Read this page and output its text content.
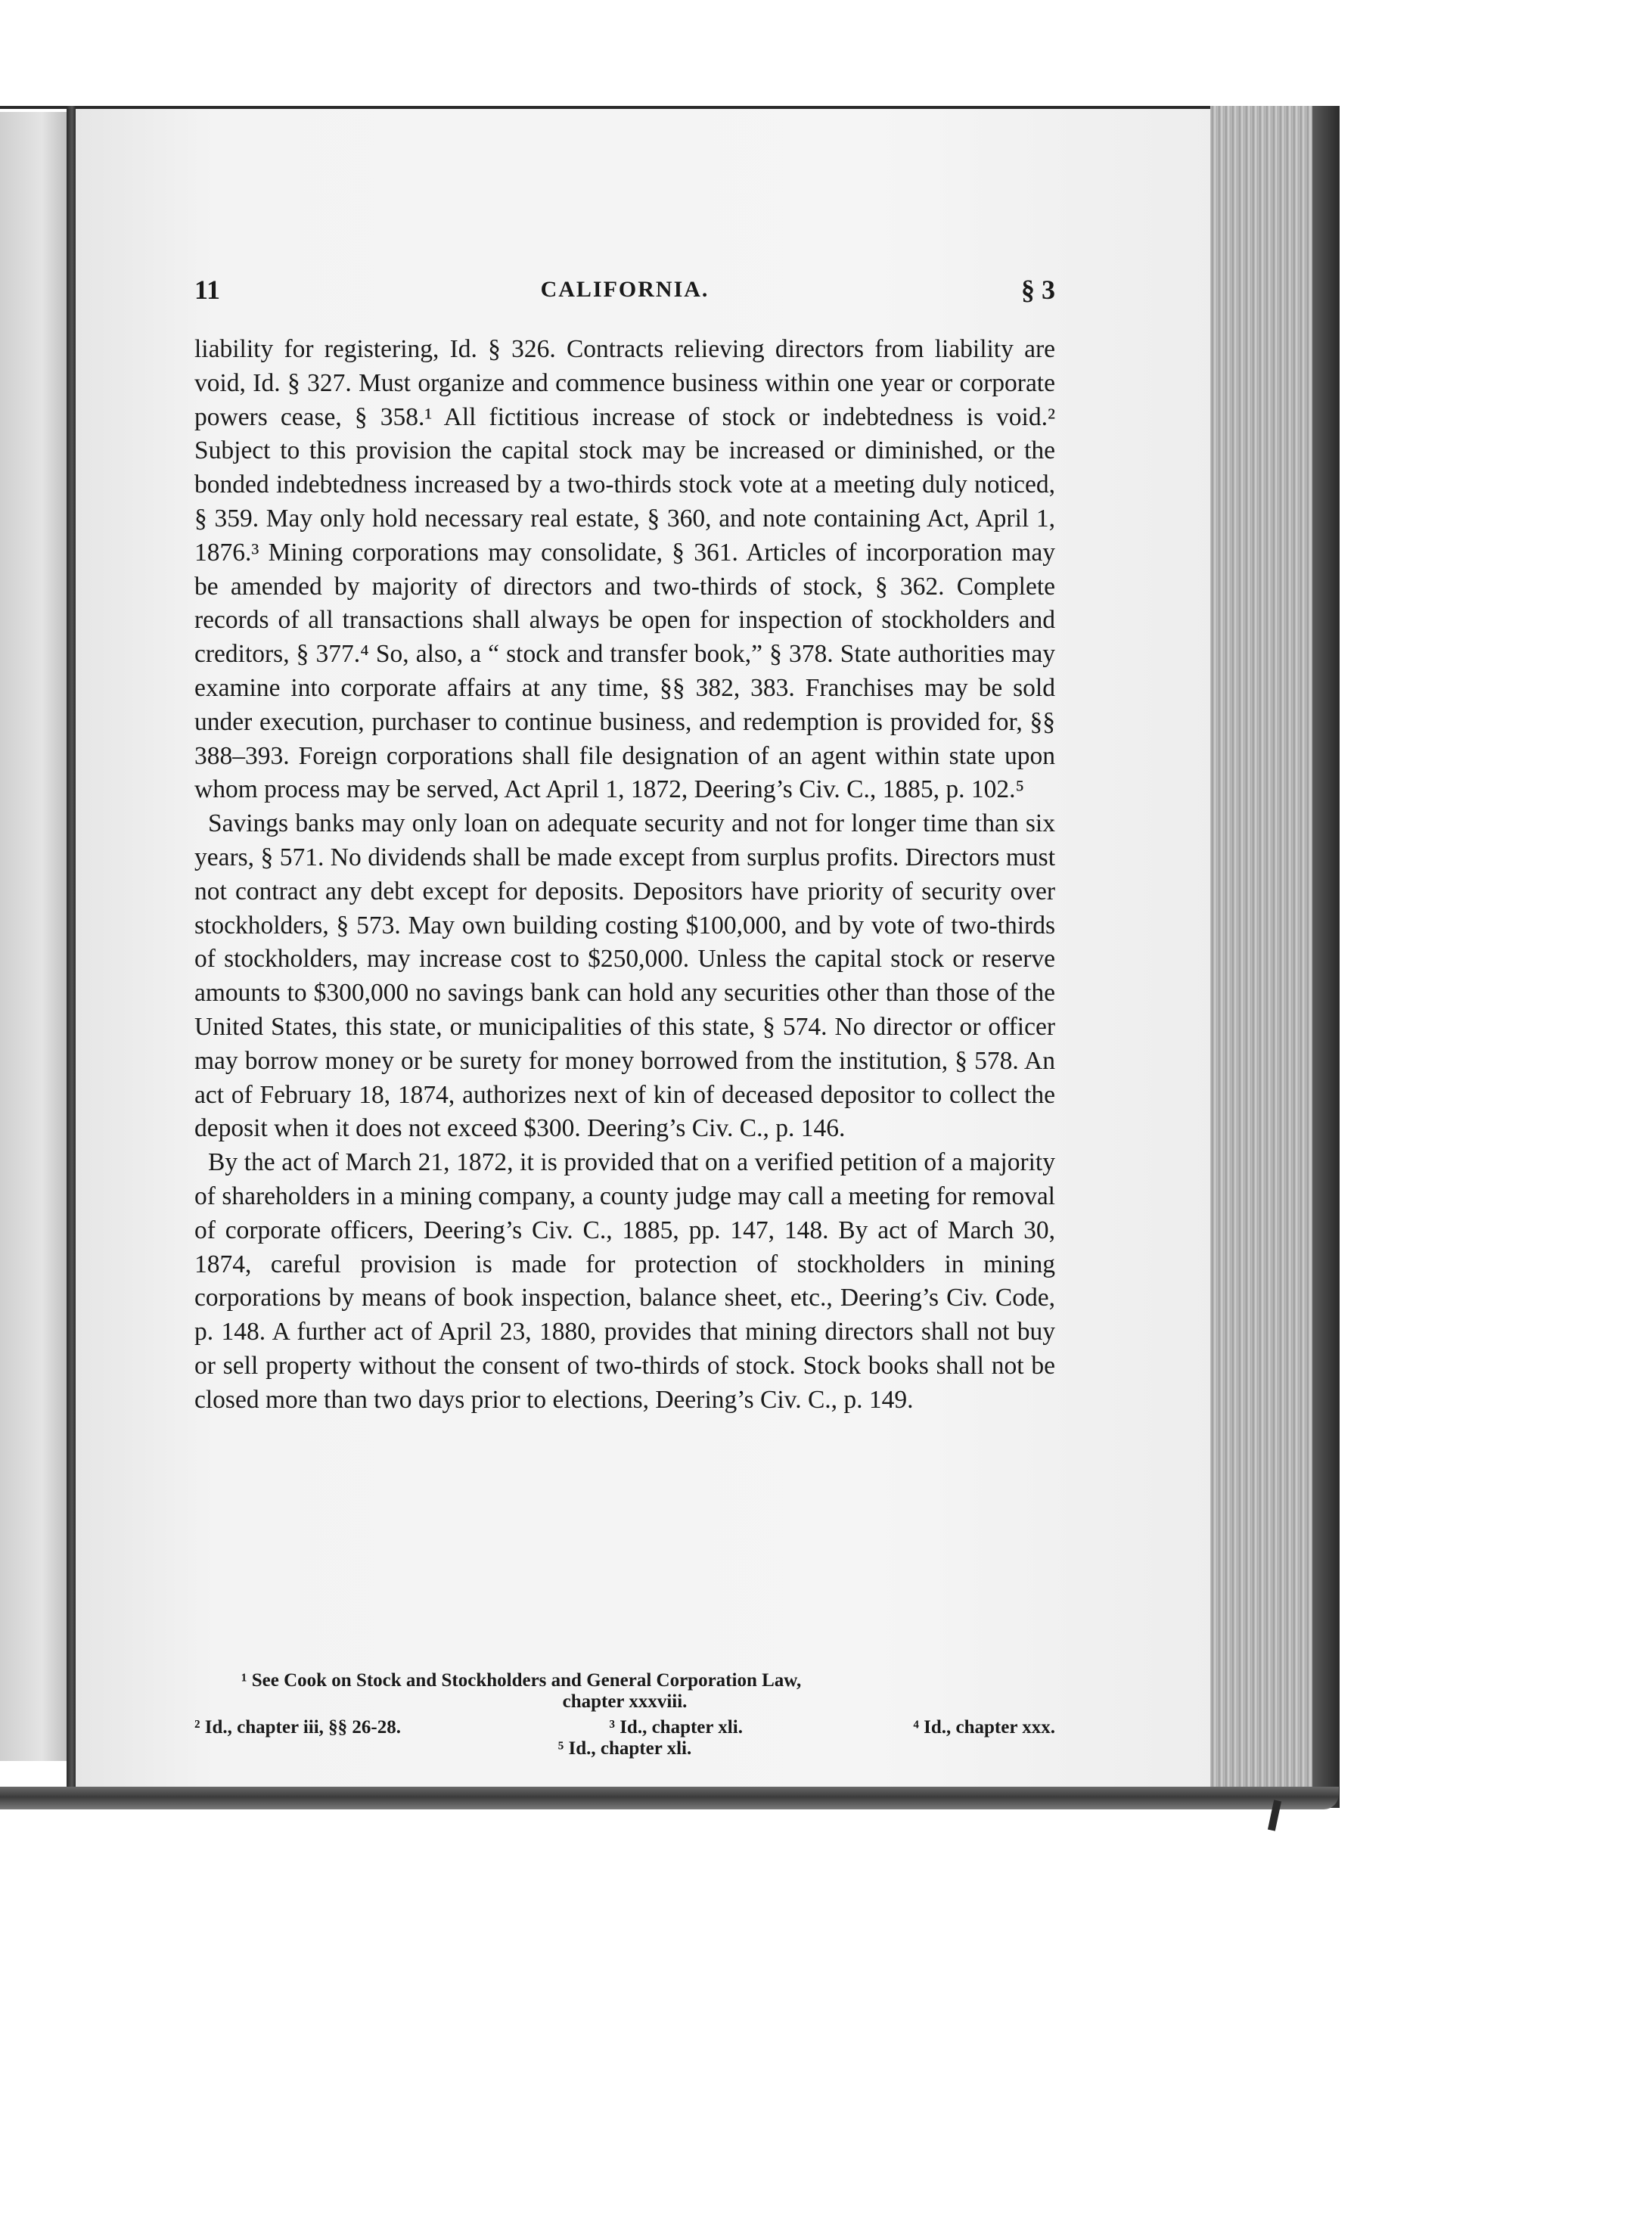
11	CALIFORNIA.	§ 3

liability for registering, Id. § 326. Contracts relieving directors from liability are void, Id. § 327. Must organize and commence business within one year or corporate powers cease, § 358.¹ All fictitious increase of stock or indebtedness is void.² Subject to this provision the capital stock may be increased or diminished, or the bonded indebtedness increased by a two-thirds stock vote at a meeting duly noticed, § 359. May only hold necessary real estate, § 360, and note containing Act, April 1, 1876.³ Mining corporations may consolidate, § 361. Articles of incorporation may be amended by majority of directors and two-thirds of stock, § 362. Complete records of all transactions shall always be open for inspection of stockholders and creditors, § 377.⁴ So, also, a “ stock and transfer book,” § 378. State authorities may examine into corporate affairs at any time, §§ 382, 383. Franchises may be sold under execution, purchaser to continue business, and redemption is provided for, §§ 388–393. Foreign corporations shall file designation of an agent within state upon whom process may be served, Act April 1, 1872, Deering’s Civ. C., 1885, p. 102.⁵

Savings banks may only loan on adequate security and not for longer time than six years, § 571. No dividends shall be made except from surplus profits. Directors must not contract any debt except for deposits. Depositors have priority of security over stockholders, § 573. May own building costing $100,000, and by vote of two-thirds of stockholders, may increase cost to $250,000. Unless the capital stock or reserve amounts to $300,000 no savings bank can hold any securities other than those of the United States, this state, or municipalities of this state, § 574. No director or officer may borrow money or be surety for money borrowed from the institution, § 578. An act of February 18, 1874, authorizes next of kin of deceased depositor to collect the deposit when it does not exceed $300. Deering’s Civ. C., p. 146.

By the act of March 21, 1872, it is provided that on a verified petition of a majority of shareholders in a mining company, a county judge may call a meeting for removal of corporate officers, Deering’s Civ. C., 1885, pp. 147, 148. By act of March 30, 1874, careful provision is made for protection of stockholders in mining corporations by means of book inspection, balance sheet, etc., Deering’s Civ. Code, p. 148. A further act of April 23, 1880, provides that mining directors shall not buy or sell property without the consent of two-thirds of stock. Stock books shall not be closed more than two days prior to elections, Deering’s Civ. C., p. 149.

¹ See Cook on Stock and Stockholders and General Corporation Law,
chapter xxxviii.
² Id., chapter iii, §§ 26-28.	³ Id., chapter xli.	⁴ Id., chapter xxx.
⁵ Id., chapter xli.
